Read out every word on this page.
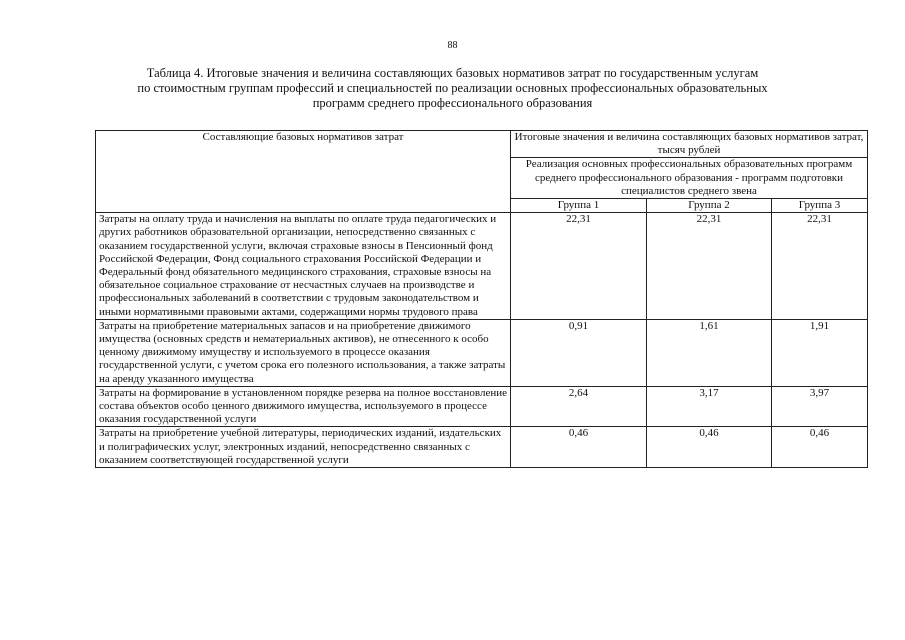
88
Таблица 4. Итоговые значения и величина составляющих базовых нормативов затрат по государственным услугам
по стоимостным группам профессий и специальностей по реализации основных профессиональных образовательных
программ среднего профессионального образования
Составляющие базовых нормативов затрат	Итоговые значения и величина составляющих базовых нормативов затрат, тысяч рублей		
	Реализация основных профессиональных образовательных программ среднего профессионального образования - программ подготовки специалистов среднего звена		
	Группа 1	Группа 2	Группа 3
Затраты на оплату труда и начисления на выплаты по оплате труда педагогических и других работников образовательной организации, непосредственно связанных с оказанием государственной услуги, включая страховые взносы в Пенсионный фонд Российской Федерации, Фонд социального страхования Российской Федерации и Федеральный фонд обязательного медицинского страхования, страховые взносы на обязательное социальное страхование от несчастных случаев на производстве и профессиональных заболеваний в соответствии с трудовым законодательством и иными нормативными правовыми актами, содержащими нормы трудового права	22,31	22,31	22,31
Затраты на приобретение материальных запасов и на приобретение движимого имущества (основных средств и нематериальных активов), не отнесенного к особо ценному движимому имуществу и используемого в процессе оказания государственной услуги, с учетом срока его полезного использования, а также затраты на аренду указанного имущества	0,91	1,61	1,91
Затраты на формирование в установленном порядке резерва на полное восстановление состава объектов особо ценного движимого имущества, используемого в процессе оказания государственной услуги	2,64	3,17	3,97
Затраты на приобретение учебной литературы, периодических изданий, издательских и полиграфических услуг, электронных изданий, непосредственно связанных с оказанием соответствующей государственной услуги	0,46	0,46	0,46
